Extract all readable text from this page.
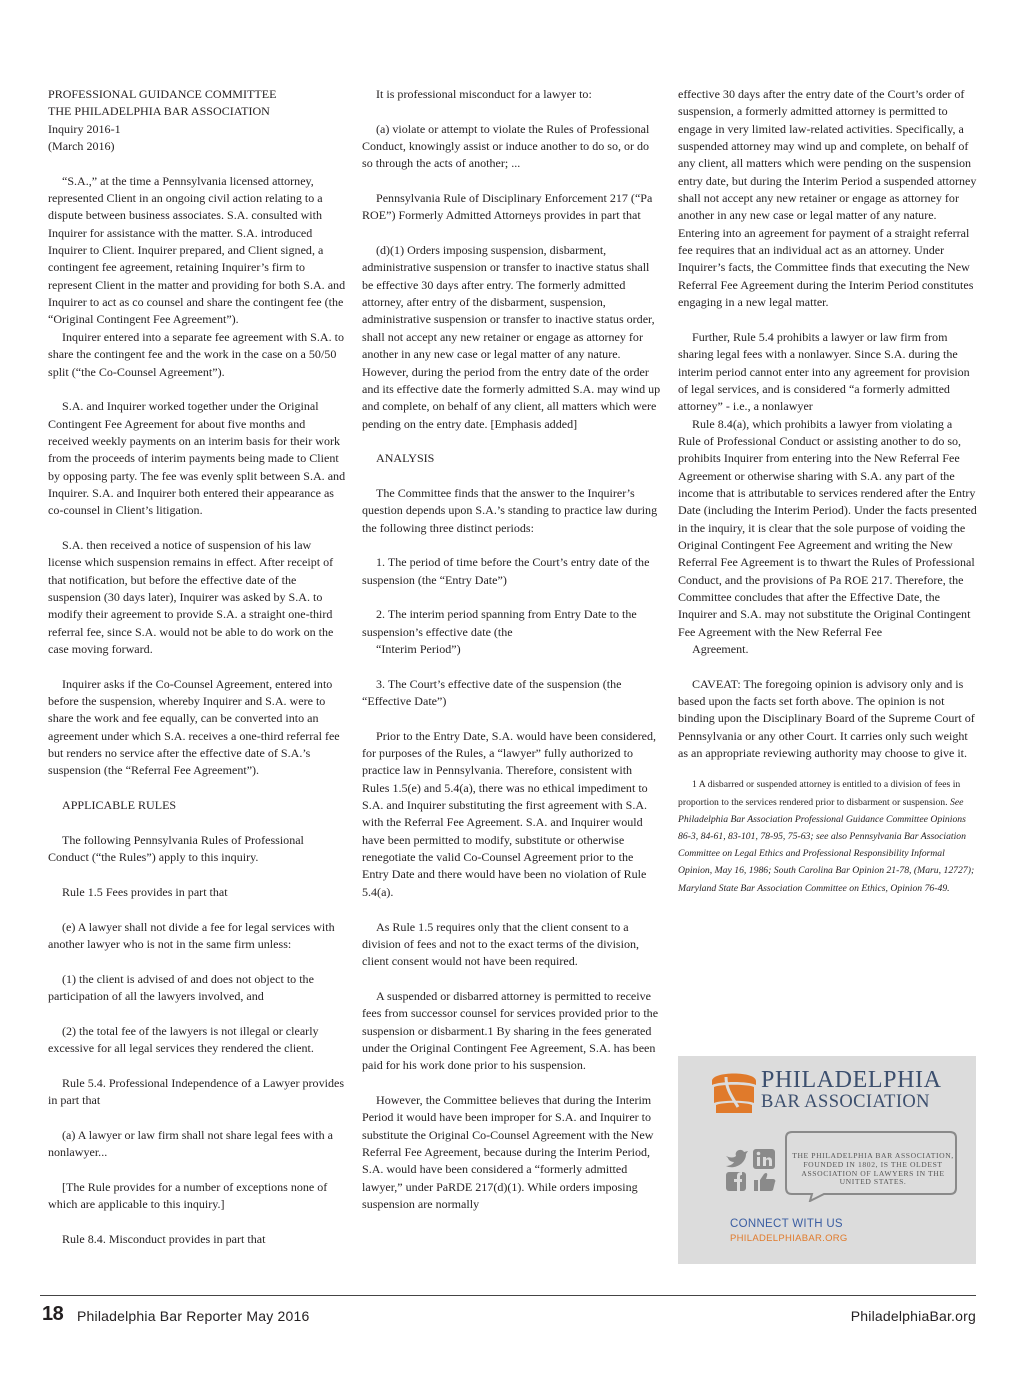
PROFESSIONAL GUIDANCE COMMITTEE

THE PHILADELPHIA BAR ASSOCIATION

Inquiry 2016-1

(March 2016)

“S.A.,” at the time a Pennsylvania licensed attorney, represented Client in an ongoing civil action relating to a dispute between business associates. S.A. consulted with Inquirer for assistance with the matter. S.A. introduced Inquirer to Client. Inquirer prepared, and Client signed, a contingent fee agreement, retaining Inquirer’s firm to represent Client in the matter and providing for both S.A. and Inquirer to act as co counsel and share the contingent fee (the “Original Contingent Fee Agreement”).

Inquirer entered into a separate fee agreement with S.A. to share the contingent fee and the work in the case on a 50/50 split (“the Co-Counsel Agreement”).

S.A. and Inquirer worked together under the Original Contingent Fee Agreement for about five months and received weekly payments on an interim basis for their work from the proceeds of interim payments being made to Client by opposing party. The fee was evenly split between S.A. and Inquirer. S.A. and Inquirer both entered their appearance as co-counsel in Client’s litigation.

S.A. then received a notice of suspension of his law license which suspension remains in effect. After receipt of that notification, but before the effective date of the suspension (30 days later), Inquirer was asked by S.A. to modify their agreement to provide S.A. a straight one-third referral fee, since S.A. would not be able to do work on the case moving forward.

Inquirer asks if the Co-Counsel Agreement, entered into before the suspension, whereby Inquirer and S.A. were to share the work and fee equally, can be converted into an agreement under which S.A. receives a one-third referral fee but renders no service after the effective date of S.A.’s suspension (the “Referral Fee Agreement”).

APPLICABLE RULES

The following Pennsylvania Rules of Professional Conduct (“the Rules”) apply to this inquiry.

Rule 1.5 Fees provides in part that

(e) A lawyer shall not divide a fee for legal services with another lawyer who is not in the same firm unless:

(1) the client is advised of and does not object to the participation of all the lawyers involved, and

(2) the total fee of the lawyers is not illegal or clearly excessive for all legal services they rendered the client.

Rule 5.4. Professional Independence of a Lawyer provides in part that

(a) A lawyer or law firm shall not share legal fees with a nonlawyer...

[The Rule provides for a number of exceptions none of which are applicable to this inquiry.]

Rule 8.4. Misconduct provides in part that

It is professional misconduct for a lawyer to:

(a) violate or attempt to violate the Rules of Professional Conduct, knowingly assist or induce another to do so, or do so through the acts of another; ...

Pennsylvania Rule of Disciplinary Enforcement 217 (“Pa ROE”) Formerly Admitted Attorneys provides in part that

(d)(1) Orders imposing suspension, disbarment, administrative suspension or transfer to inactive status shall be effective 30 days after entry. The formerly admitted attorney, after entry of the disbarment, suspension, administrative suspension or transfer to inactive status order, shall not accept any new retainer or engage as attorney for another in any new case or legal matter of any nature. However, during the period from the entry date of the order and its effective date the formerly admitted S.A. may wind up and complete, on behalf of any client, all matters which were pending on the entry date. [Emphasis added]

ANALYSIS

The Committee finds that the answer to the Inquirer’s question depends upon S.A.’s standing to practice law during the following three distinct periods:

1. The period of time before the Court’s entry date of the suspension (the “Entry Date”)

2. The interim period spanning from Entry Date to the suspension’s effective date (the

“Interim Period”)

3. The Court’s effective date of the suspension (the “Effective Date”)

Prior to the Entry Date, S.A. would have been considered, for purposes of the Rules, a “lawyer” fully authorized to practice law in Pennsylvania. Therefore, consistent with Rules 1.5(e) and 5.4(a), there was no ethical impediment to S.A. and Inquirer substituting the first agreement with S.A. with the Referral Fee Agreement. S.A. and Inquirer would have been permitted to modify, substitute or otherwise renegotiate the valid Co-Counsel Agreement prior to the Entry Date and there would have been no violation of Rule 5.4(a).

As Rule 1.5 requires only that the client consent to a division of fees and not to the exact terms of the division, client consent would not have been required.

A suspended or disbarred attorney is permitted to receive fees from successor counsel for services provided prior to the suspension or disbarment.1 By sharing in the fees generated under the Original Contingent Fee Agreement, S.A. has been paid for his work done prior to his suspension.

However, the Committee believes that during the Interim Period it would have been improper for S.A. and Inquirer to substitute the Original Co-Counsel Agreement with the New Referral Fee Agreement, because during the Interim Period, S.A. would have been considered a “formerly admitted lawyer,” under PaRDE 217(d)(1). While orders imposing suspension are normally

effective 30 days after the entry date of the Court’s order of suspension, a formerly admitted attorney is permitted to engage in very limited law-related activities. Specifically, a suspended attorney may wind up and complete, on behalf of any client, all matters which were pending on the suspension entry date, but during the Interim Period a suspended attorney shall not accept any new retainer or engage as attorney for another in any new case or legal matter of any nature. Entering into an agreement for payment of a straight referral fee requires that an individual act as an attorney. Under Inquirer’s facts, the Committee finds that executing the New Referral Fee Agreement during the Interim Period constitutes engaging in a new legal matter.

Further, Rule 5.4 prohibits a lawyer or law firm from sharing legal fees with a nonlawyer. Since S.A. during the interim period cannot enter into any agreement for provision of legal services, and is considered “a formerly admitted attorney” - i.e., a nonlawyer

Rule 8.4(a), which prohibits a lawyer from violating a Rule of Professional Conduct or assisting another to do so, prohibits Inquirer from entering into the New Referral Fee Agreement or otherwise sharing with S.A. any part of the income that is attributable to services rendered after the Entry Date (including the Interim Period). Under the facts presented in the inquiry, it is clear that the sole purpose of voiding the Original Contingent Fee Agreement and writing the New Referral Fee Agreement is to thwart the Rules of Professional Conduct, and the provisions of Pa ROE 217. Therefore, the Committee concludes that after the Effective Date, the Inquirer and S.A. may not substitute the Original Contingent Fee Agreement with the New Referral Fee

Agreement.

CAVEAT: The foregoing opinion is advisory only and is based upon the facts set forth above. The opinion is not binding upon the Disciplinary Board of the Supreme Court of Pennsylvania or any other Court. It carries only such weight as an appropriate reviewing authority may choose to give it.

1 A disbarred or suspended attorney is entitled to a division of fees in proportion to the services rendered prior to disbarment or suspension. See Philadelphia Bar Association Professional Guidance Committee Opinions 86-3, 84-61, 83-101, 78-95, 75-63; see also Pennsylvania Bar Association Committee on Legal Ethics and Professional Responsibility Informal Opinion, May 16, 1986; South Carolina Bar Opinion 21-78, (Maru, 12727); Maryland State Bar Association Committee on Ethics, Opinion 76-49.

PHILADELPHIA
BAR ASSOCIATION
THE PHILADELPHIA BAR ASSOCIATION, FOUNDED IN 1802, IS THE OLDEST ASSOCIATION OF LAWYERS IN THE UNITED STATES.
CONNECT WITH US
PHILADELPHIABAR.ORG
18 Philadelphia Bar Reporter May 2016	PhiladelphiaBar.org
